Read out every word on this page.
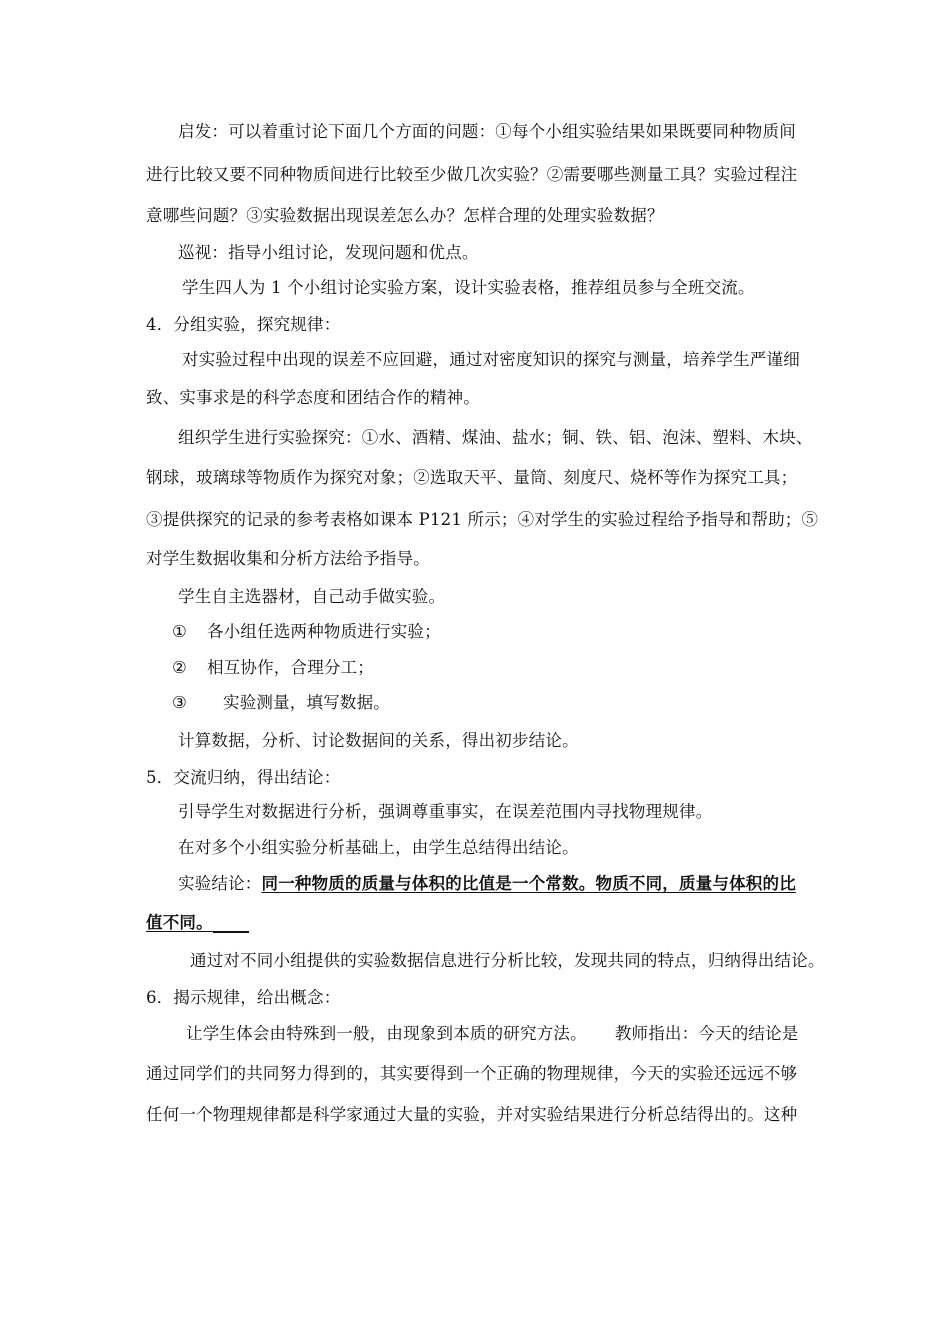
启发：可以着重讨论下面几个方面的问题：①每个小组实验结果如果既要同种物质间
进行比较又要不同种物质间进行比较至少做几次实验？②需要哪些测量工具？实验过程注
意哪些问题？③实验数据出现误差怎么办？怎样合理的处理实验数据？
巡视：指导小组讨论，发现问题和优点。
学生四人为 1 个小组讨论实验方案，设计实验表格，推荐组员参与全班交流。
4．分组实验，探究规律：
对实验过程中出现的误差不应回避，通过对密度知识的探究与测量，培养学生严谨细
致、实事求是的科学态度和团结合作的精神。
组织学生进行实验探究：①水、酒精、煤油、盐水；铜、铁、铝、泡沫、塑料、木块、
钢球，玻璃球等物质作为探究对象；②选取天平、量筒、刻度尺、烧杯等作为探究工具；
③提供探究的记录的参考表格如课本 P121 所示；④对学生的实验过程给予指导和帮助；⑤
对学生数据收集和分析方法给予指导。
学生自主选器材，自己动手做实验。
① 各小组任选两种物质进行实验；
② 相互协作，合理分工；
③ 实验测量，填写数据。
计算数据，分析、讨论数据间的关系，得出初步结论。
5．交流归纳，得出结论：
引导学生对数据进行分析，强调尊重事实，在误差范围内寻找物理规律。
在对多个小组实验分析基础上，由学生总结得出结论。
实验结论：同一种物质的质量与体积的比值是一个常数。物质不同，质量与体积的比
值不同。
通过对不同小组提供的实验数据信息进行分析比较，发现共同的特点，归纳得出结论。
6．揭示规律，给出概念：
让学生体会由特殊到一般，由现象到本质的研究方法。 教师指出：今天的结论是
通过同学们的共同努力得到的，其实要得到一个正确的物理规律，今天的实验还远远不够
任何一个物理规律都是科学家通过大量的实验，并对实验结果进行分析总结得出的。这种
